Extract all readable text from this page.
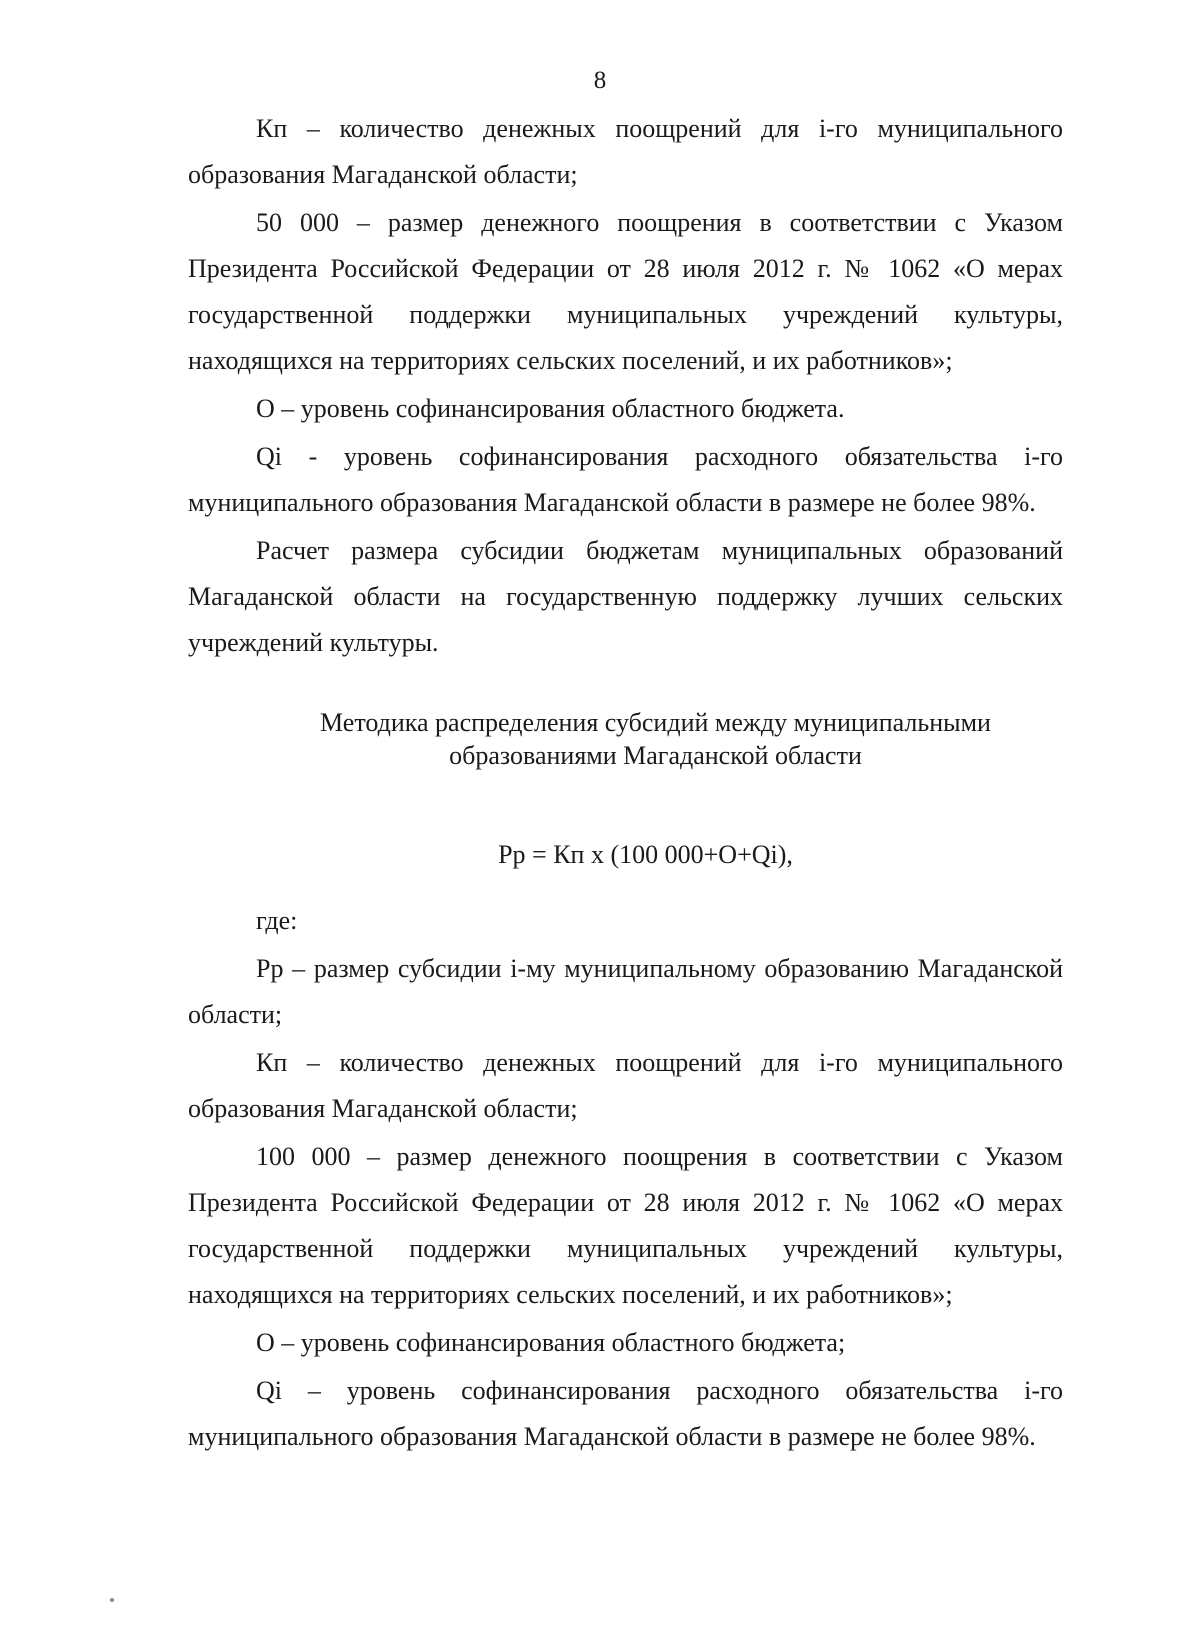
8

Кп – количество денежных поощрений для i-го муниципального образования Магаданской области;

50 000 – размер денежного поощрения в соответствии с Указом Президента Российской Федерации от 28 июля 2012 г. № 1062 «О мерах государственной поддержки муниципальных учреждений культуры, находящихся на территориях сельских поселений, и их работников»;

О – уровень софинансирования областного бюджета.

Qi - уровень софинансирования расходного обязательства i-го муниципального образования Магаданской области в размере не более 98%.

Расчет размера субсидии бюджетам муниципальных образований Магаданской области на государственную поддержку лучших сельских учреждений культуры.

Методика распределения субсидий между муниципальными
образованиями Магаданской области
Рр = Кп х (100 000+О+Qi),
где:

Рр – размер субсидии i-му муниципальному образованию Магаданской области;

Кп – количество денежных поощрений для i-го муниципального образования Магаданской области;

100 000 – размер денежного поощрения в соответствии с Указом Президента Российской Федерации от 28 июля 2012 г. № 1062 «О мерах государственной поддержки муниципальных учреждений культуры, находящихся на территориях сельских поселений, и их работников»;

О – уровень софинансирования областного бюджета;

Qi – уровень софинансирования расходного обязательства i-го муниципального образования Магаданской области в размере не более 98%.
